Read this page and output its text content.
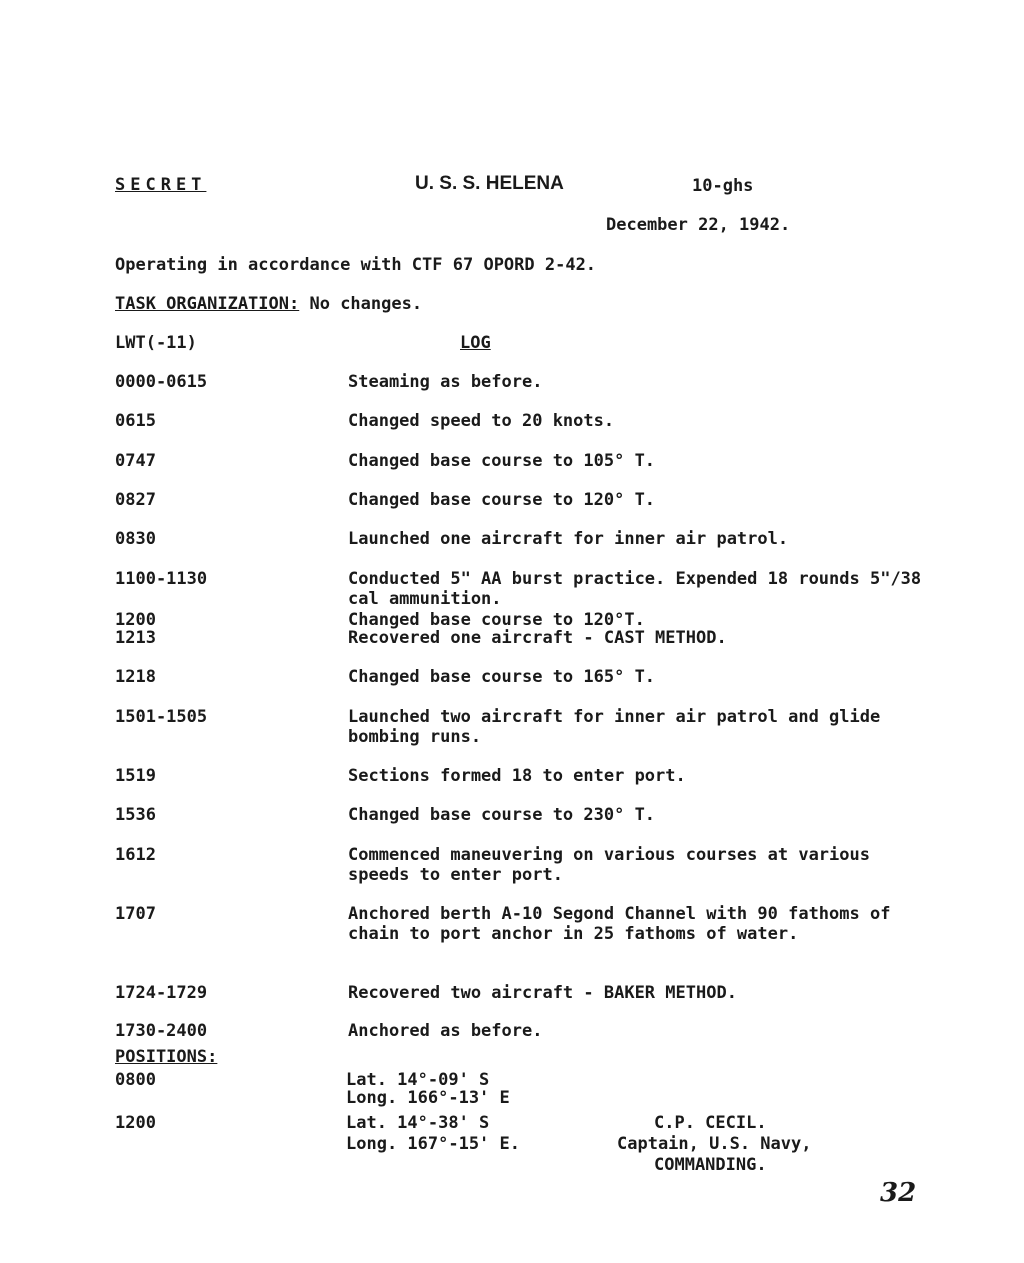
SECRET	U. S. S. HELENA	10-ghs
December 22, 1942.
Operating in accordance with CTF 67 OPORD 2-42.
TASK ORGANIZATION: No changes.
LWT(-11)	LOG
0000-0615	Steaming as before.
0615	Changed speed to 20 knots.
0747	Changed base course to 105° T.
0827	Changed base course to 120° T.
0830	Launched one aircraft for inner air patrol.
1100-1130	Conducted 5" AA burst practice. Expended 18 rounds 5"/38 cal ammunition.
1200	Changed base course to 120°T.
1213	Recovered one aircraft - CAST METHOD.
1218	Changed base course to 165° T.
1501-1505	Launched two aircraft for inner air patrol and glide bombing runs.
1519	Sections formed 18 to enter port.
1536	Changed base course to 230° T.
1612	Commenced maneuvering on various courses at various speeds to enter port.
1707	Anchored berth A-10 Segond Channel with 90 fathoms of chain to port anchor in 25 fathoms of water.
1724-1729	Recovered two aircraft - BAKER METHOD.
1730-2400	Anchored as before.
POSITIONS:
0800	Lat. 14°-09' S
Long. 166°-13' E
1200	Lat. 14°-38' S
Long. 167°-15' E.
C.P. CECIL.
Captain, U.S. Navy,
COMMANDING.
32
